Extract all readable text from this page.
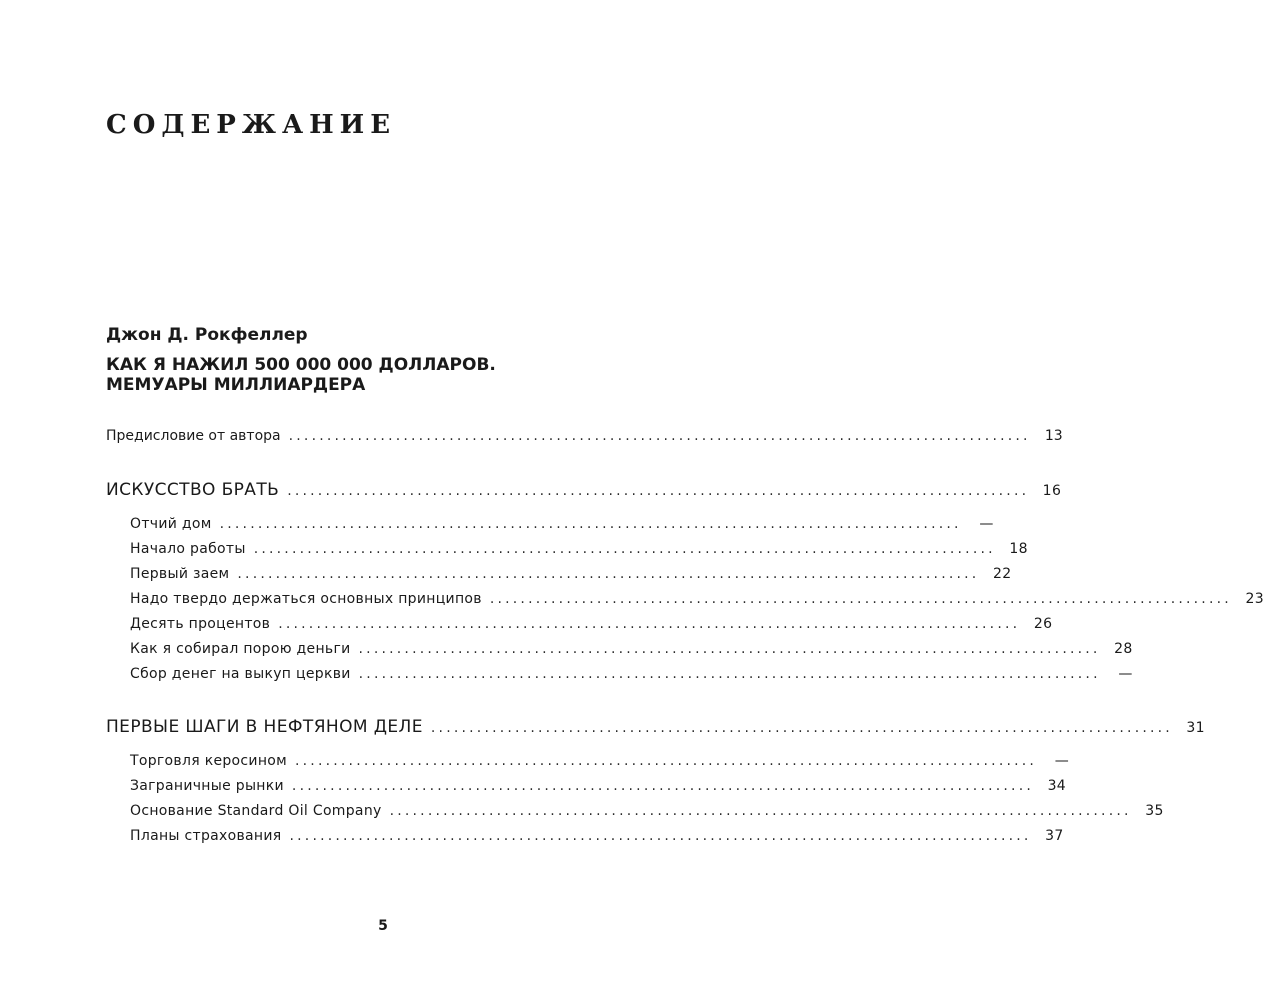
СОДЕРЖАНИЕ
Джон Д. Рокфеллер
КАК Я НАЖИЛ 500 000 000 ДОЛЛАРОВ.
МЕМУАРЫ МИЛЛИАРДЕРА
Предисловие от автора .................................................................................................	13
ИСКУССТВО БРАТЬ ................................................................................................. 16
Отчий дом .................................................................................................	—
Начало работы ................................................................................................. 18
Первый заем ................................................................................................. 22
Надо твердо держаться основных принципов ................................................................................................. 23
Десять процентов ................................................................................................. 26
Как я собирал порою деньги ................................................................................................. 28
Сбор денег на выкуп церкви .................................................................................................	—
ПЕРВЫЕ ШАГИ В НЕФТЯНОМ ДЕЛЕ ................................................................................................. 31
Торговля керосином .................................................................................................	—
Заграничные рынки ................................................................................................. 34
Основание Standard Oil Company ................................................................................................. 35
Планы страхования ................................................................................................. 37
5
